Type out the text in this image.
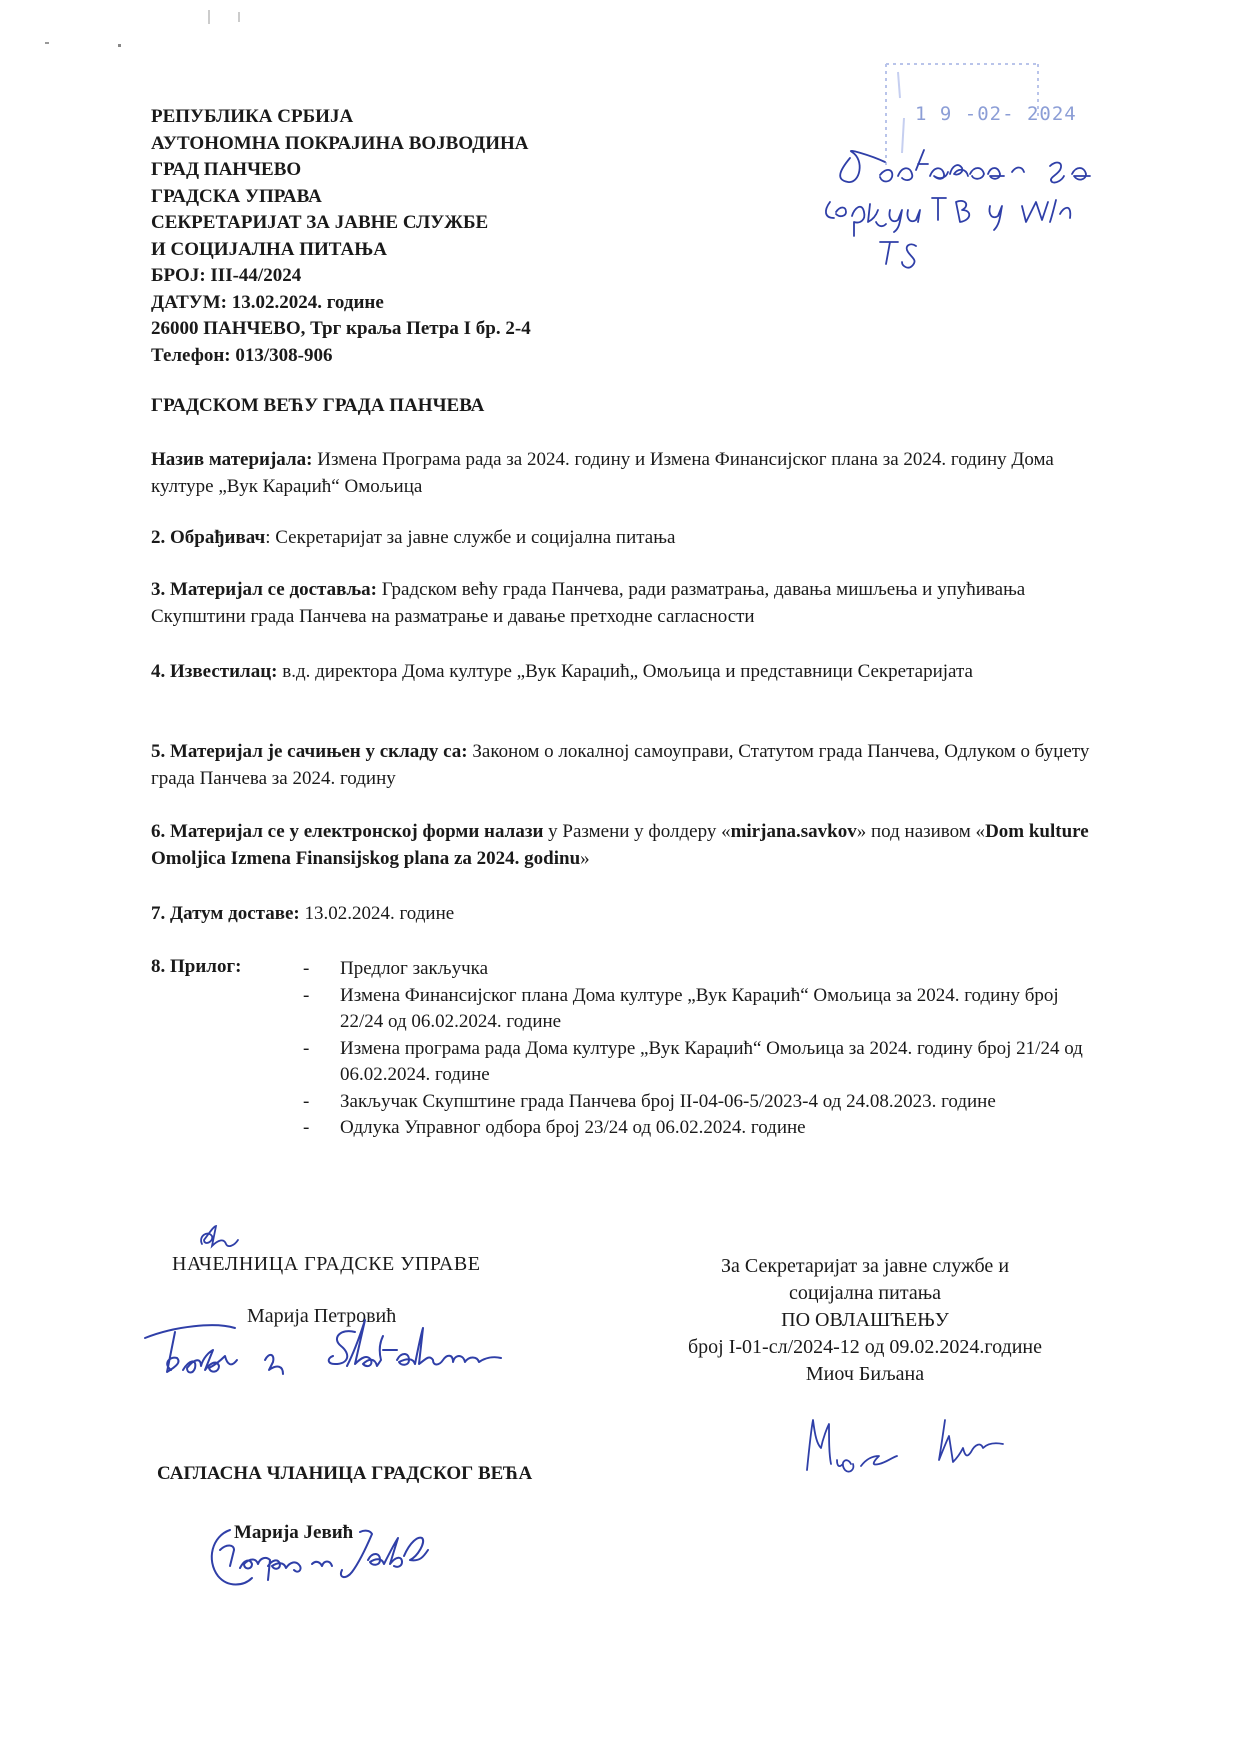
РЕПУБЛИКА СРБИЈА
АУТОНОМНА ПОКРАЈИНА ВОЈВОДИНА
ГРАД ПАНЧЕВО
ГРАДСКА УПРАВА
СЕКРЕТАРИЈАТ ЗА ЈАВНЕ СЛУЖБЕ
И СОЦИЈАЛНА ПИТАЊА
БРОЈ: III-44/2024
ДАТУМ: 13.02.2024. године
26000 ПАНЧЕВО, Трг краља Петра I бр. 2-4
Телефон: 013/308-906
1 9 -02- 2024
ГРАДСКОМ ВЕЋУ ГРАДА ПАНЧЕВА
Назив материјала: Измена Програма рада за 2024. годину и Измена Финансијског плана за 2024. годину Дома културе „Вук Караџић“ Омољица
2. Обрађивач: Секретаријат за јавне службе и социјална питања
3. Материјал се доставља: Градском већу града Панчева, ради разматрања, давања мишљења и упућивања Скупштини града Панчева на разматрање и давање претходне сагласности
4. Известилац: в.д. директора Дома културе „Вук Караџић„ Омољица и представници Секретаријата
5. Материјал је сачињен у складу са: Законом о локалној самоуправи, Статутом града Панчева, Одлуком о буџету града Панчева за 2024. годину
6. Материјал се у електронској форми налази у Размени у фолдеру «mirjana.savkov» под називом «Dom kulture Omoljica Izmena Finansijskog plana za 2024. godinu»
7. Датум доставе: 13.02.2024. године
8. Прилог:	- Предлог закључка
- Измена Финансијског плана Дома културе „Вук Караџић“ Омољица за 2024. годину број 22/24 од 06.02.2024. године
- Измена програма рада Дома културе „Вук Караџић“ Омољица за 2024. годину број 21/24 од 06.02.2024. године
- Закључак Скупштине града Панчева број II-04-06-5/2023-4 од 24.08.2023. године
- Одлука Управног одбора број 23/24 од 06.02.2024. године
НАЧЕЛНИЦА ГРАДСКЕ УПРАВЕ
Марија Петровић
За Секретаријат за јавне службе и
социјална питања
ПО ОВЛАШЋЕЊУ
број I-01-сл/2024-12 од 09.02.2024.године
Миоч Биљана
САГЛАСНА ЧЛАНИЦА ГРАДСКОГ ВЕЋА
Марија Јевић
